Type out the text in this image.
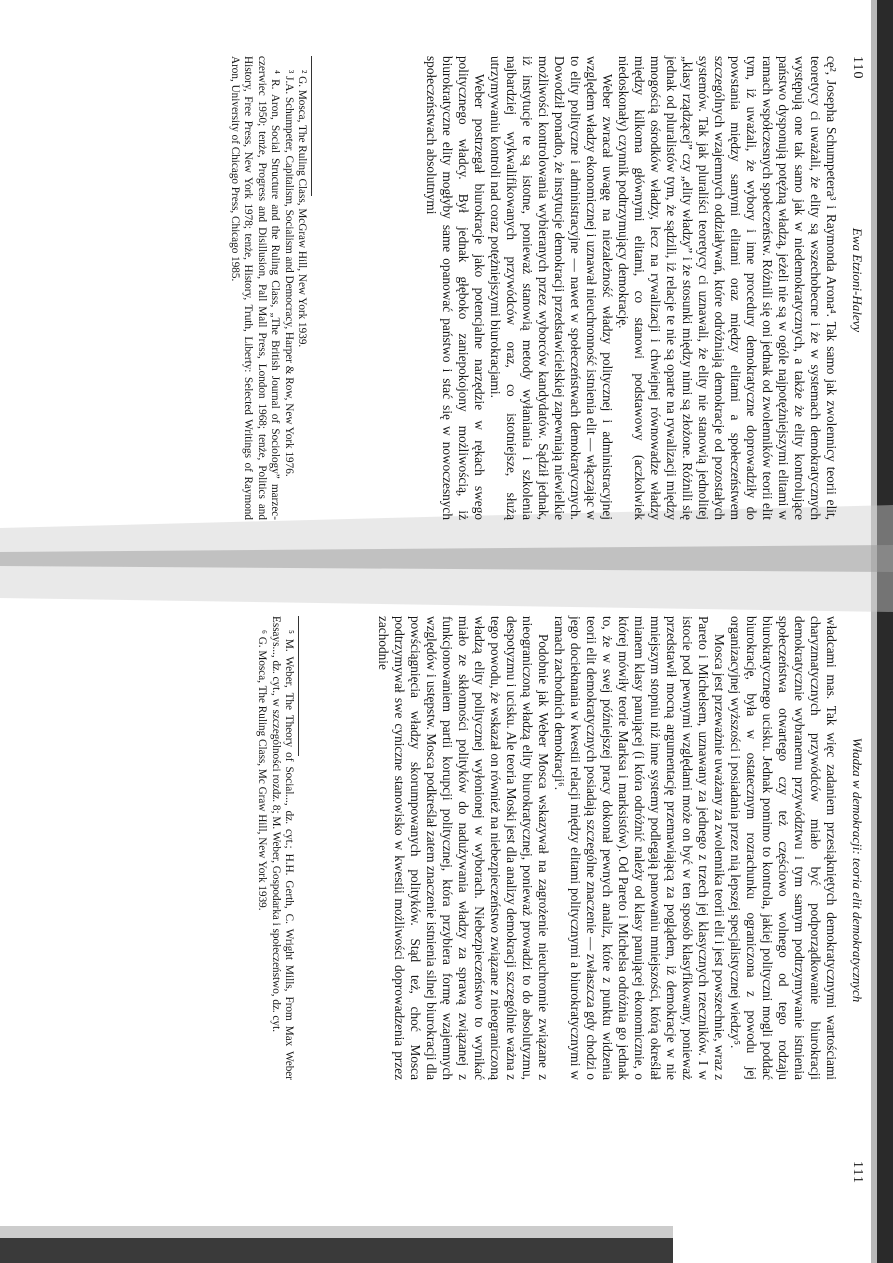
110
Ewa Etzioni-Halevy

cę², Josepha Schumpetera³ i Raymonda Arona⁴. Tak samo jak zwolennicy teorii elit, teoretycy ci uważali, że elity są wszechobecne i że w systemach demokratycznych występują one tak samo jak w niedemokratycznych, a także że elity kontrolujące państwo dysponują potężną władzą, jeżeli nie są w ogóle najpotężniejszymi elitami w ramach współczesnych społeczeństw. Różnili się oni jednak od zwolenników teorii elit tym, iż uważali, że wybory i inne procedury demokratyczne doprowadziły do powstania między samymi elitami oraz między elitami a społeczeństwem szczególnych wzajemnych oddziaływań, które odróżniają demokracje od pozostałych systemów. Tak jak pluraliści teoretycy ci uznawali, że elity nie stanowią jednolitej „klasy rządzącej” czy „elity władzy” i że stosunki między nimi są złożone. Różnili się jednak od pluralistów tym, że sądzili, iż relacje te nie są oparte na rywalizacji między mnogością ośrodków władzy, lecz na rywalizacji i chwiejnej równowadze władzy między kilkoma głównymi elitami, co stanowi podstawowy (aczkolwiek niedoskonały) czynnik podtrzymujący demokrację.

Weber zwracał uwagę na niezależność władzy politycznej i administracyjnej względem władzy ekonomicznej i uznawał nieuchronność istnienia elit — włączając w to elity polityczne i administracyjne — nawet w społeczeństwach demokratycznych. Dowodził ponadto, że instytucje demokracji przedstawicielskiej zapewniają niewielkie możliwości kontrolowania wybieranych przez wyborców kandydatów. Sądził jednak, iż instytucje te są istotne, ponieważ stanowią metody wyłaniania i szkolenia najbardziej wykwalifikowanych przywódców oraz, co istotniejsze, służą utrzymywaniu kontroli nad coraz potężniejszymi biurokracjami.

Weber postrzegał biurokracje jako potencjalne narzędzie w rękach swego politycznego władcy. Był jednak głęboko zaniepokojony możliwością, iż biurokratyczne elity mogłyby same opanować państwo i stać się w nowoczesnych społeczeństwach absolutnymi

² G. Mosca, The Ruling Class, McGraw Hill, New York 1939.

³ J.A. Schumpeter, Capitalism, Socialism and Democracy, Harper & Row, New York 1976.

⁴ R. Aron, Social Structure and the Ruling Class, „The British Journal of Sociology” marzec-czerwiec 1950; tenże, Progress and Disillusion, Pall Mall Press, London 1968; tenże, Politics and History, Free Press, New York 1978; tenże, History, Truth, Liberty: Selected Writings of Raymond Aron, University of Chicago Press, Chicago 1985.

Władza w demokracji: teoria elit demokratycznych
111

władcami mas. Tak więc zadaniem przesiąkniętych demokratycznymi wartościami charyzmatycznych przywódców miało być podporządkowanie biurokracji demokratycznie wybranemu przywództwu i tym samym podtrzymywanie istnienia społeczeństwa otwartego czy też częściowo wolnego od tego rodzaju biurokratycznego ucisku. Jednak pomimo to kontrola, jakiej polityczni mogli poddać biurokrację, była w ostatecznym rozrachunku ograniczona z powodu jej organizacyjnej wyższości i posiadania przez nią lepszej specjalistycznej wiedzy⁵.

Mosca jest przeważnie uważany za zwolennika teorii elit i jest powszechnie, wraz z Pareto i Michelsem, uznawany za jednego z trzech jej klasycznych rzeczników. I w istocie pod pewnymi względami może on być w ten sposób klasyfikowany, ponieważ przedstawił mocną argumentację przemawiającą za poglądem, iż demokracje w nie mniejszym stopniu niż inne systemy podlegają panowaniu mniejszości, którą określał mianem klasy panującej (i która odróżnić należy od klasy panującej ekonomicznie, o której mówiły teorie Marksa i marksistów). Od Pareto i Michelsa odróżnia go jednak to, że w swej późniejszej pracy dokonał pewnych analiz, które z punktu widzenia teorii elit demokratycznych posiadają szczególne znaczenie — zwłaszcza gdy chodzi o jego docieknania w kwestii relacji między elitami politycznymi a biurokratycznymi w ramach zachodnich demokracji⁶.

Podobnie jak Weber Mosca wskazywał na zagrożenie nieuchronnie związane z nieograniczoną władzą elity biurokratycznej, ponieważ prowadzi to do absolutyzmu, despotyzmu i ucisku. Ale teoria Moski jest dla analizy demokracji szczególnie ważna z tego powodu, że wskazał on również na niebezpieczeństwo związane z nieograniczoną władzą elity politycznej wyłonionej w wyborach. Niebezpieczeństwo to wynikać miało ze skłonności polityków do nadużywania władzy za sprawą związanej z funkcjonowaniem partii korupcji politycznej, która przybiera formę wzajemnych względów i ustępstw. Mosca podkreślał zatem znaczenie istnienia silnej biurokracji dla powściągnięcia władzy skorumpowanych polityków. Stąd też, choć Mosca podtrzymywał swe cyniczne stanowisko w kwestii możliwości doprowadzenia przez zachodnie

⁵ M. Weber, The Theory of Social..., dz. cyt.; H.H. Gerth, C. Wright Mills, From Max Weber Essays..., dz. cyt., w szczególności rozdz. 8; M. Weber, Gospodarka i społeczeństwo, dz. cyt.

⁶ G. Mosca, The Ruling Class, Mc Graw Hill, New York 1939.
